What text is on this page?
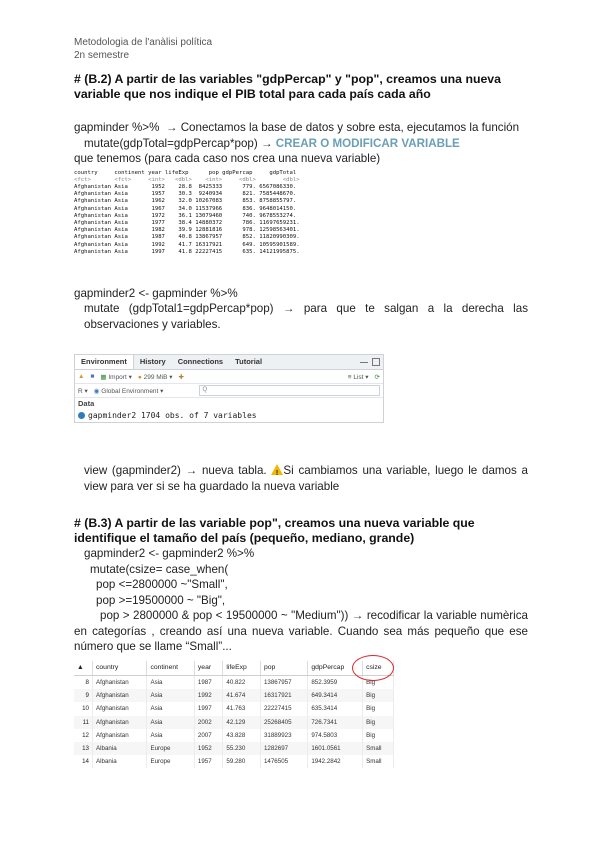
Metodologia de l'anàlisi política
2n semestre
# (B.2) A partir de las variables "gdpPercap" y "pop", creamos una nueva variable que nos indique el PIB total para cada país cada año
gapminder %>% → Conectamos la base de datos y sobre esta, ejecutamos la función
mutate(gdpTotal=gdpPercap*pop) → CREAR O MODIFICAR VARIABLE
que tenemos (para cada caso nos crea una nueva variable)
country     continent year lifeExp      pop gdpPercap     gdpTotal
<fct>       <fct>     <int>   <dbl>    <int>     <dbl>        <dbl>
Afghanistan Asia       1952    28.8  8425333      779. 6567086330.
Afghanistan Asia       1957    30.3  9240934      821. 7585448670.
Afghanistan Asia       1962    32.0 10267083      853. 8758855797.
Afghanistan Asia       1967    34.0 11537966      836. 9648014150.
Afghanistan Asia       1972    36.1 13079460      740. 9678553274.
Afghanistan Asia       1977    38.4 14880372      786. 11697659231.
Afghanistan Asia       1982    39.9 12881816      978. 12598563401.
Afghanistan Asia       1987    40.8 13867957      852. 11820990309.
Afghanistan Asia       1992    41.7 16317921      649. 10595901589.
Afghanistan Asia       1997    41.8 22227415      635. 14121995875.
gapminder2 <- gapminder %>%
mutate (gdpTotal1=gdpPercap*pop) → para que te salgan a la derecha las observaciones y variables.
Environment	History	Connections	Tutorial
▲ ■ ▦ Import ▾ ● 299 MiB ▾ ✚	≡ List ▾ ⟳
R ▾ ◉ Global Environment ▾	Q
Data
gapminder2 1704 obs. of 7 variables
view (gapminder2) → nueva tabla. ! Si cambiamos una variable, luego le damos a view para ver si se ha guardado la nueva variable
# (B.3) A partir de las variable pop", creamos una nueva variable que identifique el tamaño del país (pequeño, mediano, grande)
gapminder2 <- gapminder2 %>%
mutate(csize= case_when(
pop <=2800000 ~"Small",
pop >=19500000 ~ "Big",
pop > 2800000 & pop < 19500000 ~ "Medium")) → recodificar la variable numèrica en categorías , creando así una nueva variable. Cuando sea más pequeño que ese número que se llame “Small”...
▲	country	continent	year	lifeExp	pop	gdpPercap	csize
8	Afghanistan	Asia	1987	40.822	13867957	852.3959	Big
9	Afghanistan	Asia	1992	41.674	16317921	649.3414	Big
10	Afghanistan	Asia	1997	41.763	22227415	635.3414	Big
11	Afghanistan	Asia	2002	42.129	25268405	726.7341	Big
12	Afghanistan	Asia	2007	43.828	31889923	974.5803	Big
13	Albania	Europe	1952	55.230	1282697	1601.0561	Small
14	Albania	Europe	1957	59.280	1476505	1942.2842	Small
